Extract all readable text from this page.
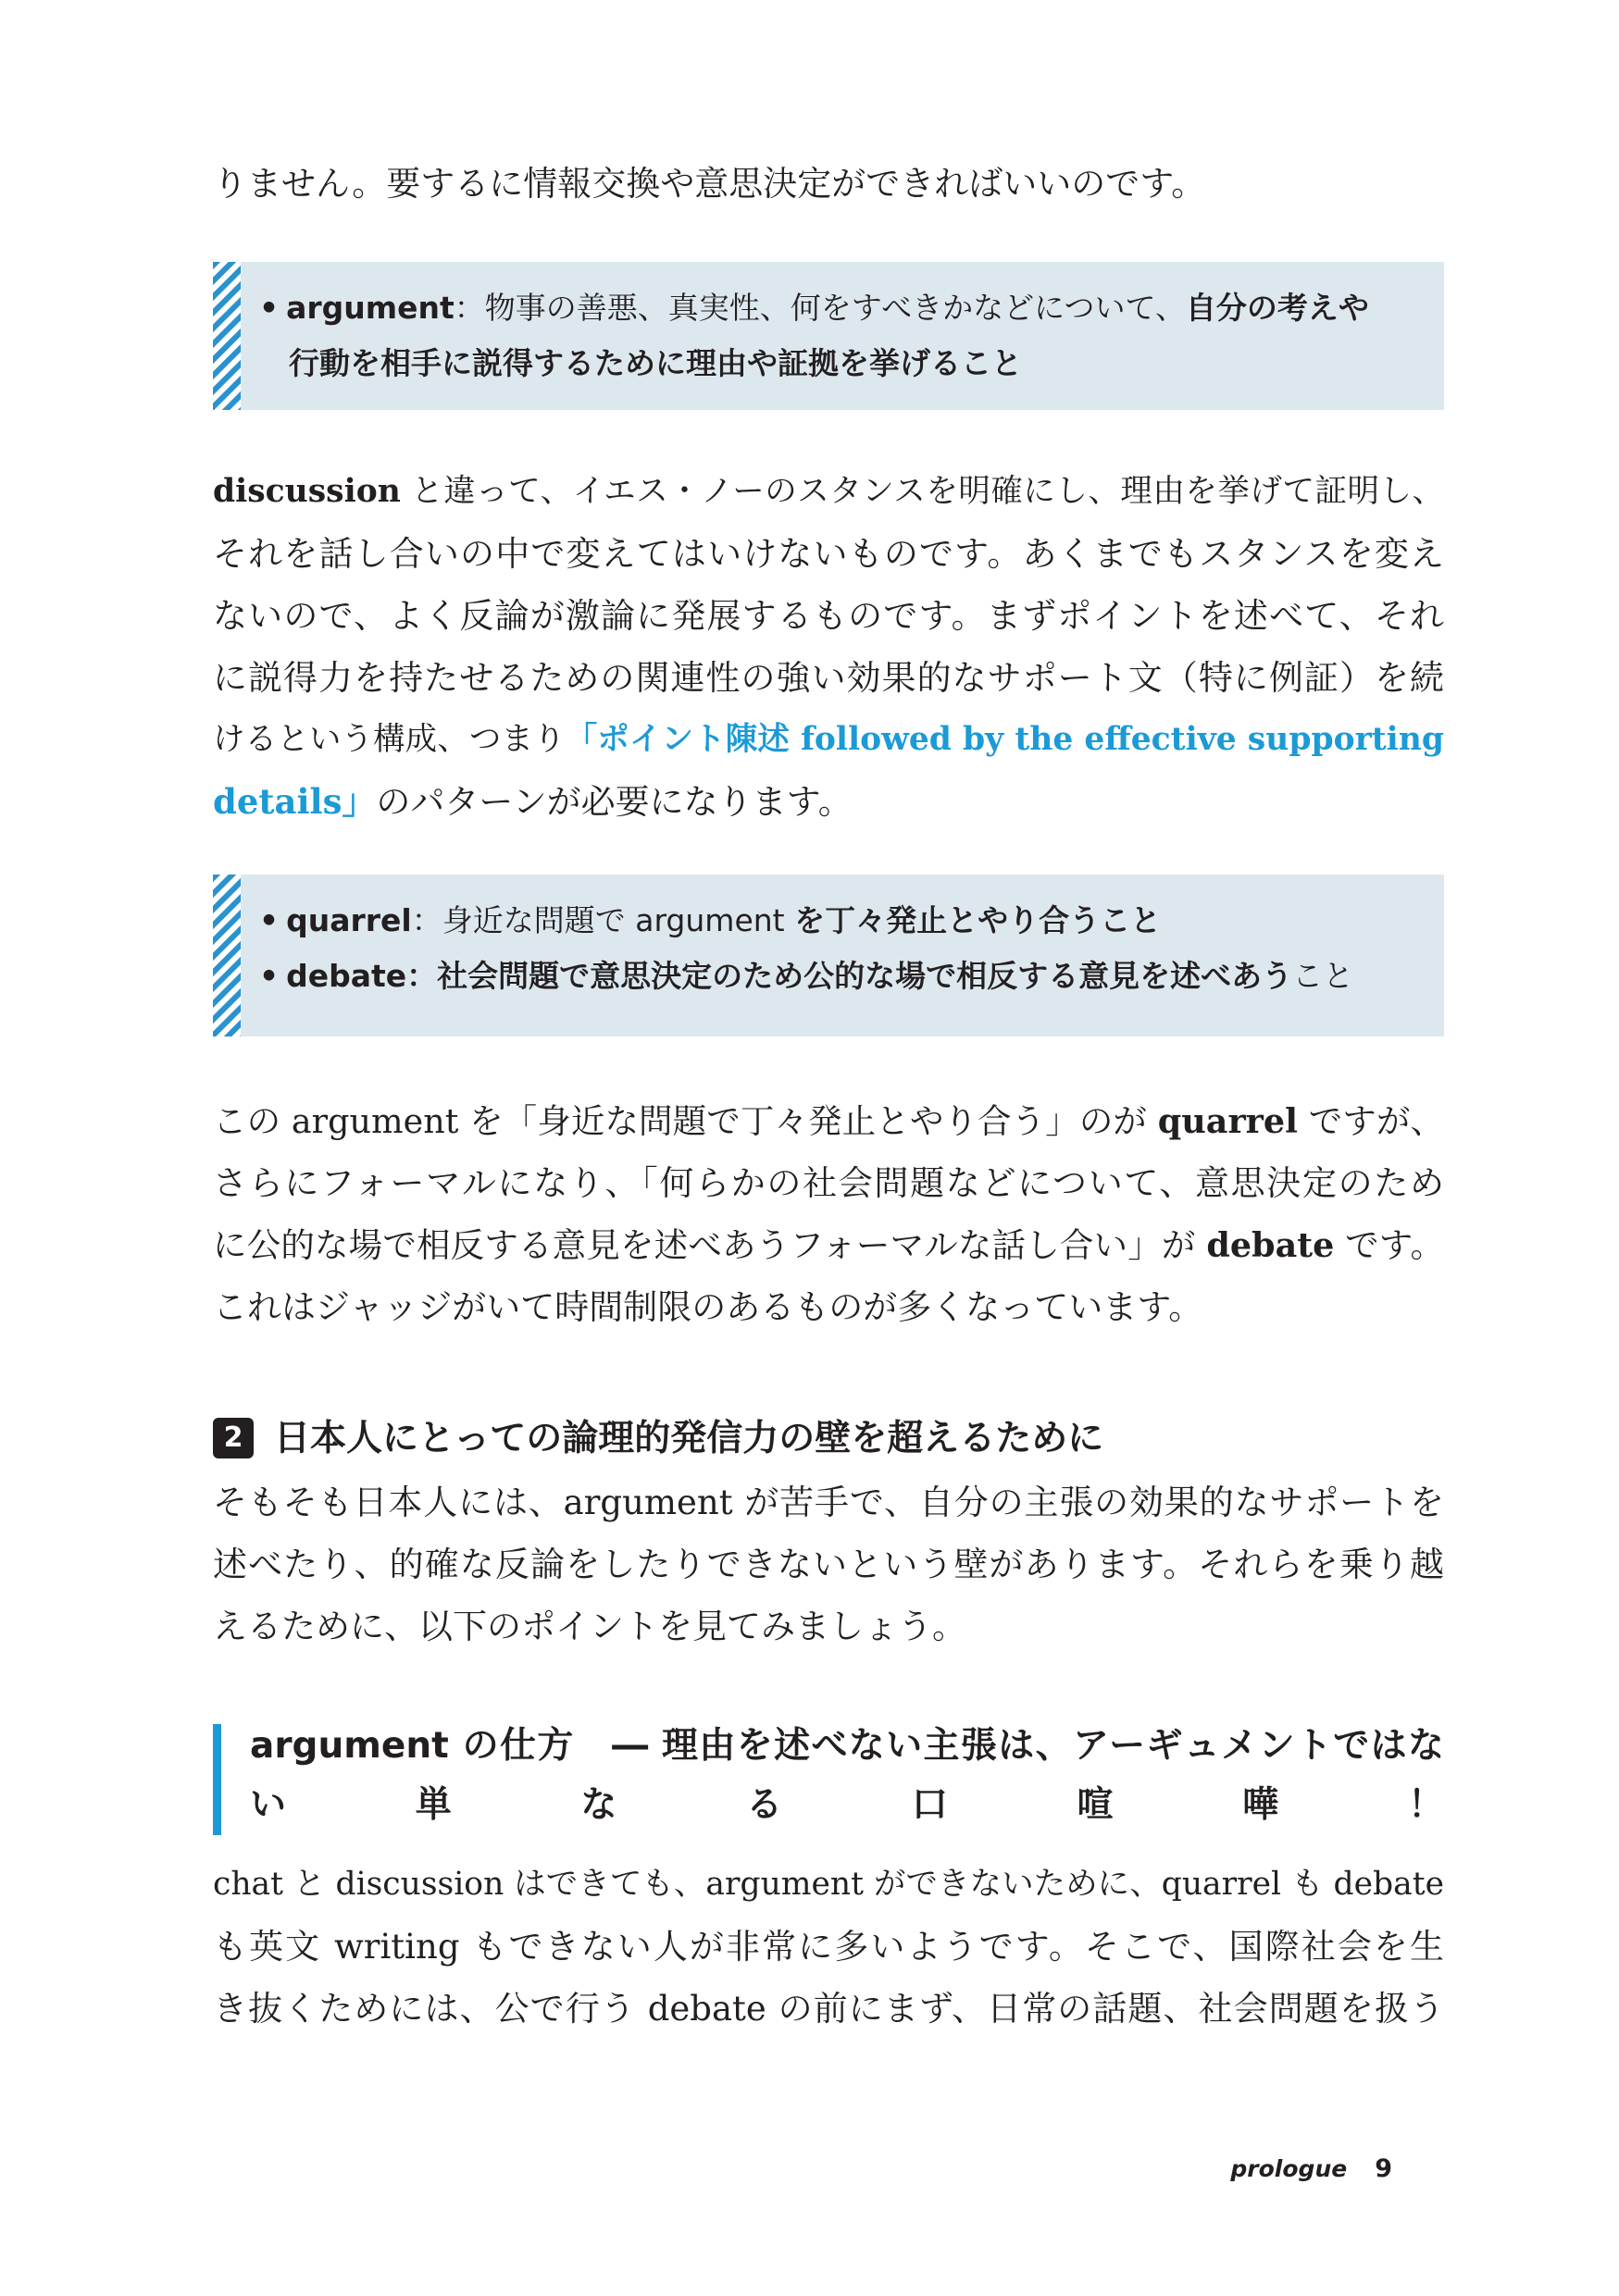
りません。要するに情報交換や意思決定ができればいいのです。

• argument：物事の善悪、真実性、何をすべきかなどについて、自分の考えや
行動を相手に説得するために理由や証拠を挙げること
discussion と違って、イエス・ノーのスタンスを明確にし、理由を挙げて証明し、
それを話し合いの中で変えてはいけないものです。あくまでもスタンスを変え
ないので、よく反論が激論に発展するものです。まずポイントを述べて、それ
に説得力を持たせるための関連性の強い効果的なサポート文（特に例証）を続
けるという構成、つまり「ポイント陳述 followed by the effective supporting
details」のパターンが必要になります。
• quarrel：身近な問題で argument を丁々発止とやり合うこと
• debate：社会問題で意思決定のため公的な場で相反する意見を述べあうこと
この argument を「身近な問題で丁々発止とやり合う」のが quarrel ですが、
さらにフォーマルになり、「何らかの社会問題などについて、意思決定のため
に公的な場で相反する意見を述べあうフォーマルな話し合い」が debate です。
これはジャッジがいて時間制限のあるものが多くなっています。
2 日本人にとっての論理的発信力の壁を超えるために
そもそも日本人には、argument が苦手で、自分の主張の効果的なサポートを
述べたり、的確な反論をしたりできないという壁があります。それらを乗り越
えるために、以下のポイントを見てみましょう。
argument の仕方　― 理由を述べない主張は、アーギュメントではな
い単なる口喧嘩！
chat と discussion はできても、argument ができないために、quarrel も debate
も英文 writing もできない人が非常に多いようです。そこで、国際社会を生
き抜くためには、公で行う debate の前にまず、日常の話題、社会問題を扱う
prologue 9
